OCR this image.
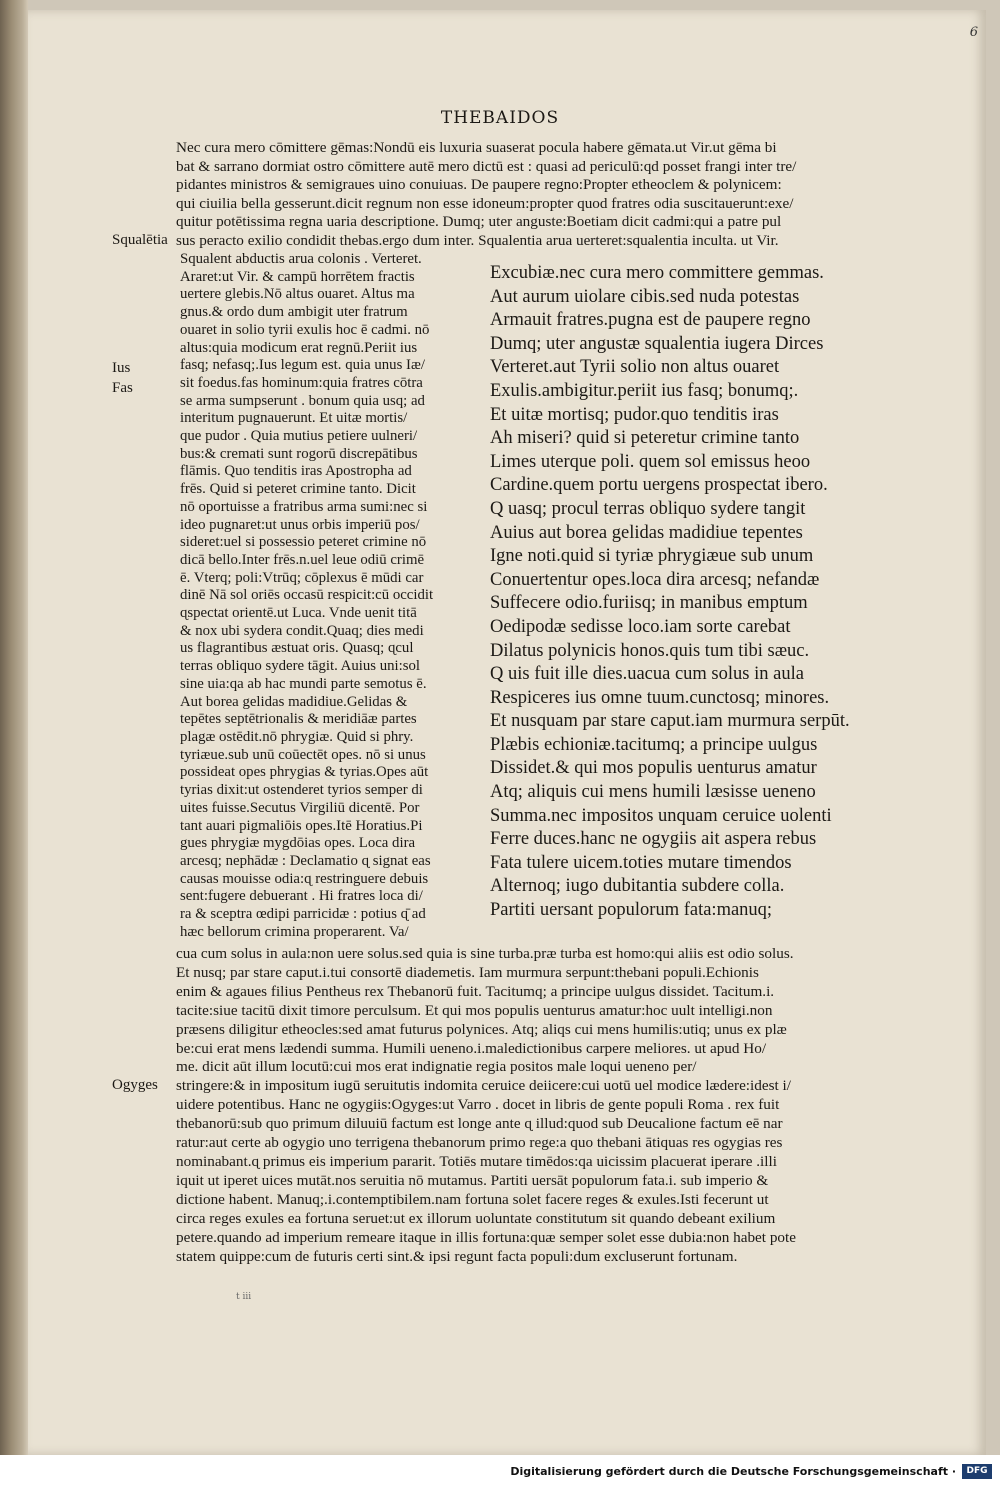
6
THEBAIDOS
Squalētia
Ius
Fas
Ogyges
Nec cura mero cōmittere gēmas:Nondū eis luxuria suaserat pocula habere gēmata.ut Vir.ut gēma bi
bat & sarrano dormiat ostro cōmittere autē mero dictū est : quasi ad periculū:qd posset frangi inter tre/
pidantes ministros & semigraues uino conuiuas. De paupere regno:Propter etheoclem & polynicem:
qui ciuilia bella gesserunt.dicit regnum non esse idoneum:propter quod fratres odia suscitauerunt:exe/
quitur potētissima regna uaria descriptione. Dumq; uter anguste:Boetiam dicit cadmi:qui a patre pul
sus peracto exilio condidit thebas.ergo dum inter. Squalentia arua uerteret:squalentia inculta. ut Vir.
Squalent abductis arua colonis . Verteret.
Araret:ut Vir. & campū horrētem fractis
uertere glebis.Nō altus ouaret. Altus ma
gnus.& ordo dum ambigit uter fratrum
ouaret in solio tyrii exulis hoc ē cadmi. nō
altus:quia modicum erat regnū.Periit ius
fasq; nefasq;.Ius legum est. quia unus Iæ/
sit foedus.fas hominum:quia fratres cōtra
se arma sumpserunt . bonum quia usq; ad
interitum pugnauerunt. Et uitæ mortis/
que pudor . Quia mutius petiere uulneri/
bus:& cremati sunt rogorū discrepātibus
flāmis. Quo tenditis iras Apostropha ad
frēs. Quid si peteret crimine tanto. Dicit
nō oportuisse a fratribus arma sumi:nec si
ideo pugnaret:ut unus orbis imperiū pos/
sideret:uel si possessio peteret crimine nō
dicā bello.Inter frēs.n.uel leue odiū crimē
ē. Vterq; poli:Vtrūq; cōplexus ē mūdi car
dinē Nā sol oriēs occasū respicit:cū occidit
ɋspectat orientē.ut Luca. Vnde uenit titā
& nox ubi sydera condit.Quaq; dies medi
us flagrantibus æstuat oris. Quasq; ɋcul
terras obliquo sydere tāgit. Auius uni:sol
sine uia:qa ab hac mundi parte semotus ē.
Aut borea gelidas madidiue.Gelidas &
tepētes septētrionalis & meridiāæ partes
plagæ ostēdit.nō phrygiæ. Quid si phry.
tyriæue.sub unū coūectēt opes. nō si unus
possideat opes phrygias & tyrias.Opes aūt
tyrias dixit:ut ostenderet tyrios semper di
uites fuisse.Secutus Virgiliū dicentē. Por
tant auari pigmaliōis opes.Itē Horatius.Pi
gues phrygiæ mygdōias opes. Loca dira
arcesq; nephādæ : Declamatio ɋ signat eas
causas mouisse odia:ɋ restringuere debuis
sent:fugere debuerant . Hi fratres loca di/
ra & sceptra œdipi parricidæ : potius ɋ̄ ad
hæc bellorum crimina properarent. Va/
Excubiæ.nec cura mero committere gemmas.
Aut aurum uiolare cibis.sed nuda potestas
Armauit fratres.pugna est de paupere regno
Dumq; uter angustæ squalentia iugera Dirces
Verteret.aut Tyrii solio non altus ouaret
Exulis.ambigitur.periit ius fasq; bonumq;.
Et uitæ mortisq; pudor.quo tenditis iras
Ah miseri? quid si peteretur crimine tanto
Limes uterque poli. quem sol emissus heoo
Cardine.quem portu uergens prospectat ibero.
Q uasq; procul terras obliquo sydere tangit
Auius aut borea gelidas madidiue tepentes
Igne noti.quid si tyriæ phrygiæue sub unum
Conuertentur opes.loca dira arcesq; nefandæ
Suffecere odio.furiisq; in manibus emptum
Oedipodæ sedisse loco.iam sorte carebat
Dilatus polynicis honos.quis tum tibi sæuc.
Q uis fuit ille dies.uacua cum solus in aula
Respiceres ius omne tuum.cunctosq; minores.
Et nusquam par stare caput.iam murmura serpūt.
Plæbis echioniæ.tacitumq; a principe uulgus
Dissidet.& qui mos populis uenturus amatur
Atq; aliquis cui mens humili læsisse ueneno
Summa.nec impositos unquam ceruice uolenti
Ferre duces.hanc ne ogygiis ait aspera rebus
Fata tulere uicem.toties mutare timendos
Alternoq; iugo dubitantia subdere colla.
Partiti uersant populorum fata:manuq;
cua cum solus in aula:non uere solus.sed quia is sine turba.præ turba est homo:qui aliis est odio solus.
Et nusq; par stare caput.i.tui consortē diademetis. Iam murmura serpunt:thebani populi.Echionis
enim & agaues filius Pentheus rex Thebanorū fuit. Tacitumq; a principe uulgus dissidet. Tacitum.i.
tacite:siue tacitū dixit timore perculsum. Et qui mos populis uenturus amatur:hoc uult intelligi.non
præsens diligitur etheocles:sed amat futurus polynices. Atq; aliqs cui mens humilis:utiq; unus ex plæ
be:cui erat mens lædendi summa. Humili ueneno.i.maledictionibus carpere meliores. ut apud Ho/
me. dicit aūt illum locutū:cui mos erat indignatie regia positos male loqui ueneno per/
stringere:& in impositum iugū seruitutis indomita ceruice deiicere:cui uotū uel modice lædere:idest i/
uidere potentibus. Hanc ne ogygiis:Ogyges:ut Varro . docet in libris de gente populi Roma . rex fuit
thebanorū:sub quo primum diluuiū factum est longe ante ɋ illud:quod sub Deucalione factum eē nar
ratur:aut certe ab ogygio uno terrigena thebanorum primo rege:a quo thebani ātiquas res ogygias res
nominabant.ɋ primus eis imperium pararit. Totiēs mutare timēdos:qa uicissim placuerat iperare .illi
iquit ut iperet uices mutāt.nos seruitia nō mutamus. Partiti uersāt populorum fata.i. sub imperio &
dictione habent. Manuq;.i.contemptibilem.nam fortuna solet facere reges & exules.Isti fecerunt ut
circa reges exules ea fortuna seruet:ut ex illorum uoluntate constitutum sit quando debeant exilium
petere.quando ad imperium remeare itaque in illis fortuna:quæ semper solet esse dubia:non habet pote
statem quippe:cum de futuris certi sint.& ipsi regunt facta populi:dum excluserunt fortunam.
t iii
Digitalisierung gefördert durch die Deutsche Forschungsgemeinschaft ·	DFG
